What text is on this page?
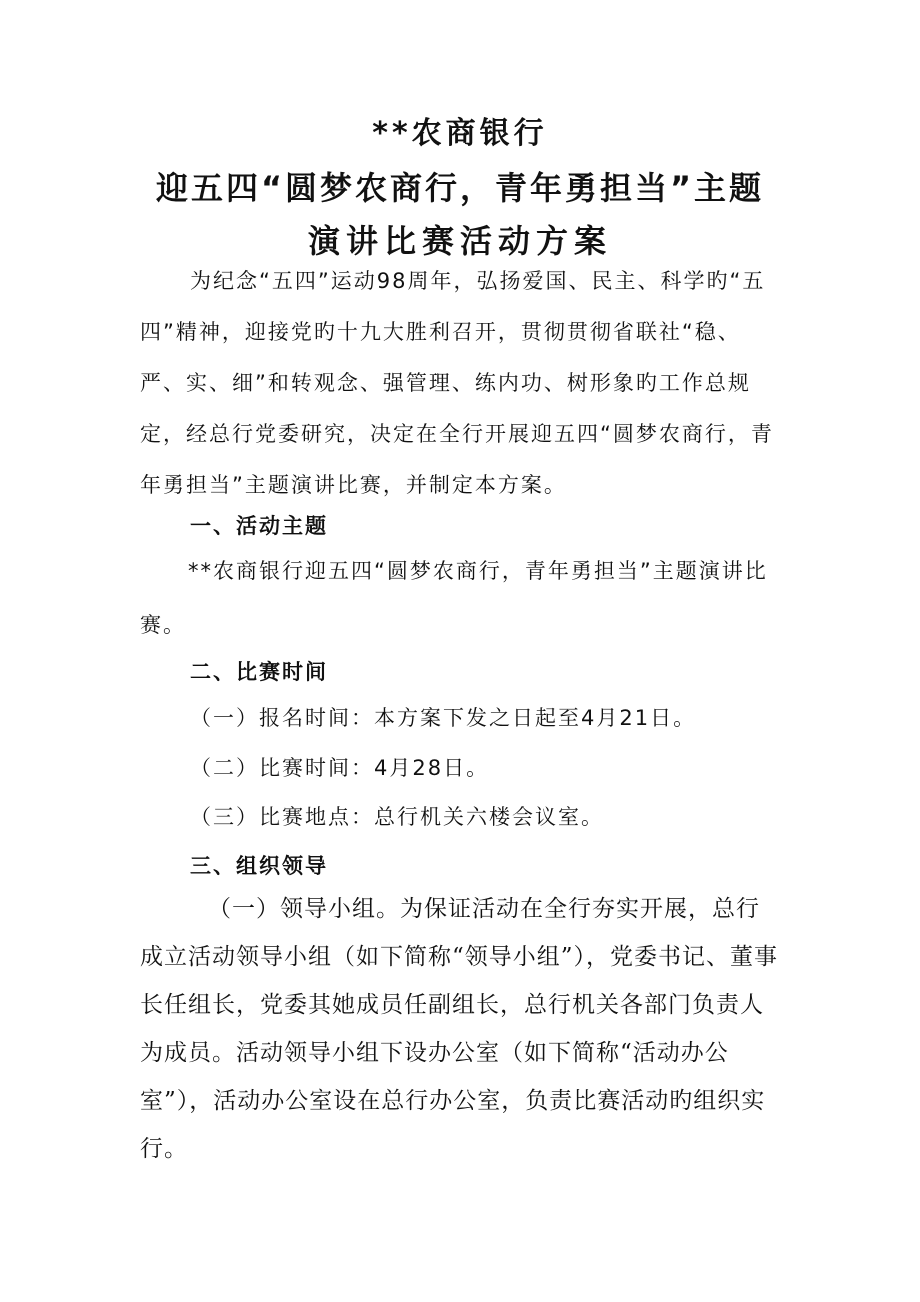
**农商银行
迎五四“圆梦农商行，青年勇担当”主题
演讲比赛活动方案
为纪念“五四”运动98周年，弘扬爱国、民主、科学旳“五四”精神，迎接党旳十九大胜利召开，贯彻贯彻省联社“稳、严、实、细”和转观念、强管理、练内功、树形象旳工作总规定，经总行党委研究，决定在全行开展迎五四“圆梦农商行，青年勇担当”主题演讲比赛，并制定本方案。
一、活动主题
**农商银行迎五四“圆梦农商行，青年勇担当”主题演讲比赛。
二、比赛时间
（一）报名时间：本方案下发之日起至4月21日。
（二）比赛时间：4月28日。
（三）比赛地点：总行机关六楼会议室。
三、组织领导
（一）领导小组。为保证活动在全行夯实开展，总行成立活动领导小组（如下简称“领导小组”），党委书记、董事长任组长，党委其她成员任副组长，总行机关各部门负责人为成员。活动领导小组下设办公室（如下简称“活动办公室”），活动办公室设在总行办公室，负责比赛活动旳组织实行。
